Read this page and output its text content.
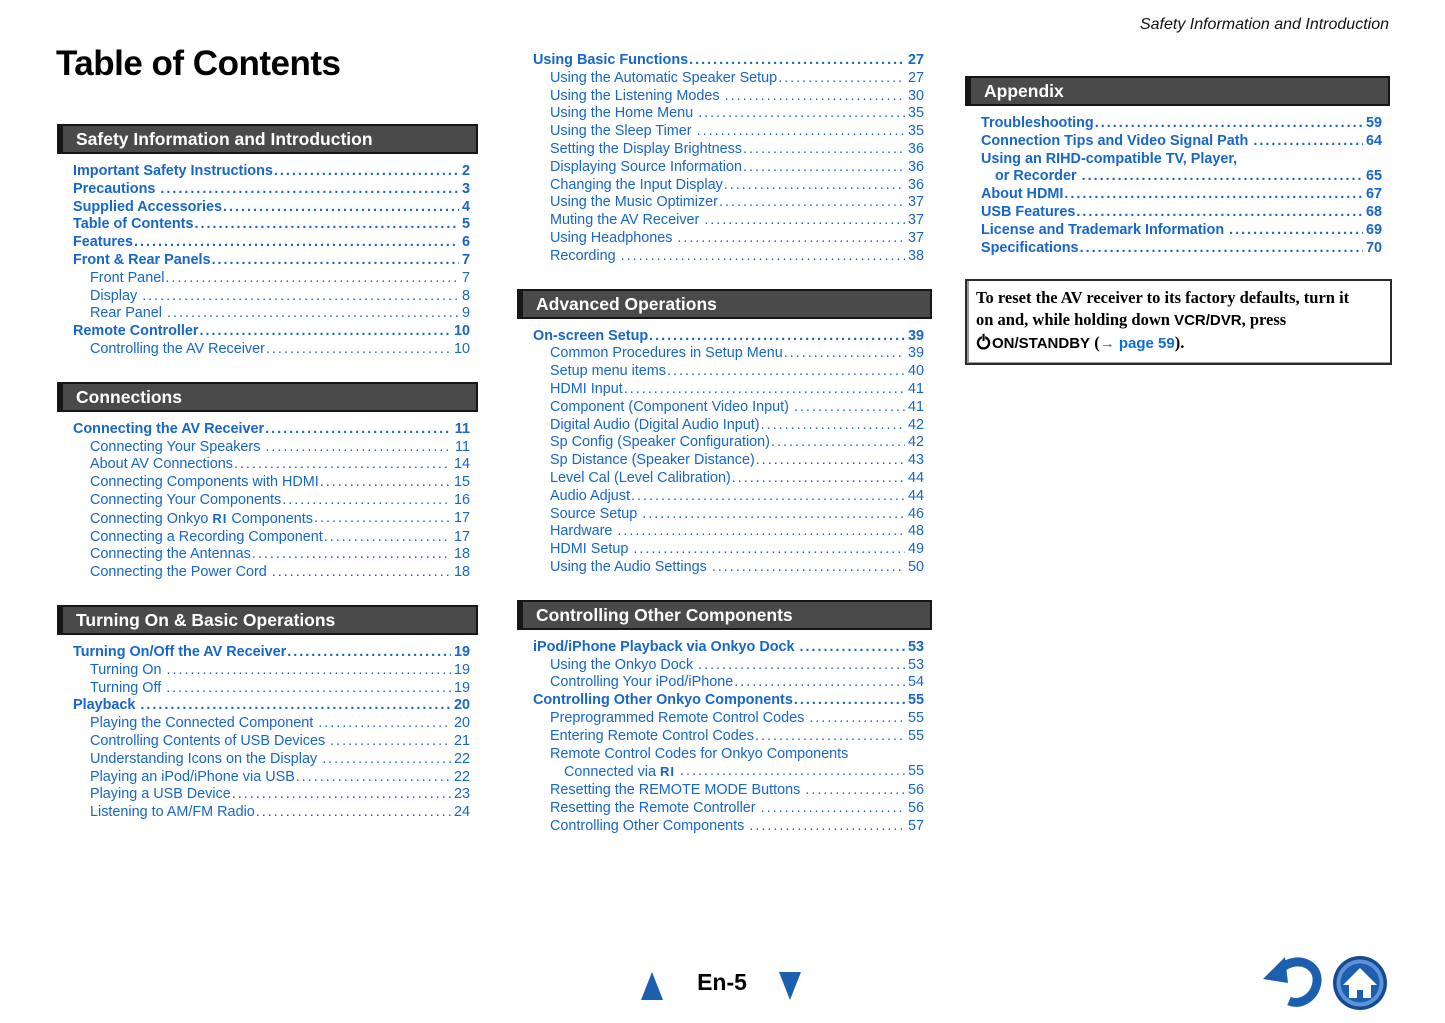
Safety Information and Introduction
Table of Contents
Safety Information and Introduction
Important Safety Instructions .....	2
Precautions .....	3
Supplied Accessories .....	4
Table of Contents .....	5
Features .....	6
Front & Rear Panels .....	7
Front Panel .....	7
Display .....	8
Rear Panel .....	9
Remote Controller .....	10
Controlling the AV Receiver .....	10
Connections
Connecting the AV Receiver .....	11
Connecting Your Speakers .....	11
About AV Connections .....	14
Connecting Components with HDMI .....	15
Connecting Your Components .....	16
Connecting Onkyo RI Components .....	17
Connecting a Recording Component .....	17
Connecting the Antennas .....	18
Connecting the Power Cord .....	18
Turning On & Basic Operations
Turning On/Off the AV Receiver .....	19
Turning On .....	19
Turning Off .....	19
Playback .....	20
Playing the Connected Component .....	20
Controlling Contents of USB Devices .....	21
Understanding Icons on the Display .....	22
Playing an iPod/iPhone via USB .....	22
Playing a USB Device .....	23
Listening to AM/FM Radio .....	24
Using Basic Functions .....	27
Using the Automatic Speaker Setup .....	27
Using the Listening Modes .....	30
Using the Home Menu .....	35
Using the Sleep Timer .....	35
Setting the Display Brightness .....	36
Displaying Source Information .....	36
Changing the Input Display .....	36
Using the Music Optimizer .....	37
Muting the AV Receiver .....	37
Using Headphones .....	37
Recording .....	38
Advanced Operations
On-screen Setup .....	39
Common Procedures in Setup Menu .....	39
Setup menu items .....	40
HDMI Input .....	41
Component (Component Video Input) .....	41
Digital Audio (Digital Audio Input) .....	42
Sp Config (Speaker Configuration) .....	42
Sp Distance (Speaker Distance) .....	43
Level Cal (Level Calibration) .....	44
Audio Adjust .....	44
Source Setup .....	46
Hardware .....	48
HDMI Setup .....	49
Using the Audio Settings .....	50
Controlling Other Components
iPod/iPhone Playback via Onkyo Dock .....	53
Using the Onkyo Dock .....	53
Controlling Your iPod/iPhone .....	54
Controlling Other Onkyo Components .....	55
Preprogrammed Remote Control Codes .....	55
Entering Remote Control Codes .....	55
Remote Control Codes for Onkyo Components
Connected via RI .....	55
Resetting the REMOTE MODE Buttons .....	56
Resetting the Remote Controller .....	56
Controlling Other Components .....	57
Appendix
Troubleshooting .....	59
Connection Tips and Video Signal Path .....	64
Using an RIHD-compatible TV, Player,
or Recorder .....	65
About HDMI .....	67
USB Features .....	68
License and Trademark Information .....	69
Specifications .....	70
To reset the AV receiver to its factory defaults, turn it
on and, while holding down VCR/DVR, press
ON/STANDBY (→ page 59).
En-5
